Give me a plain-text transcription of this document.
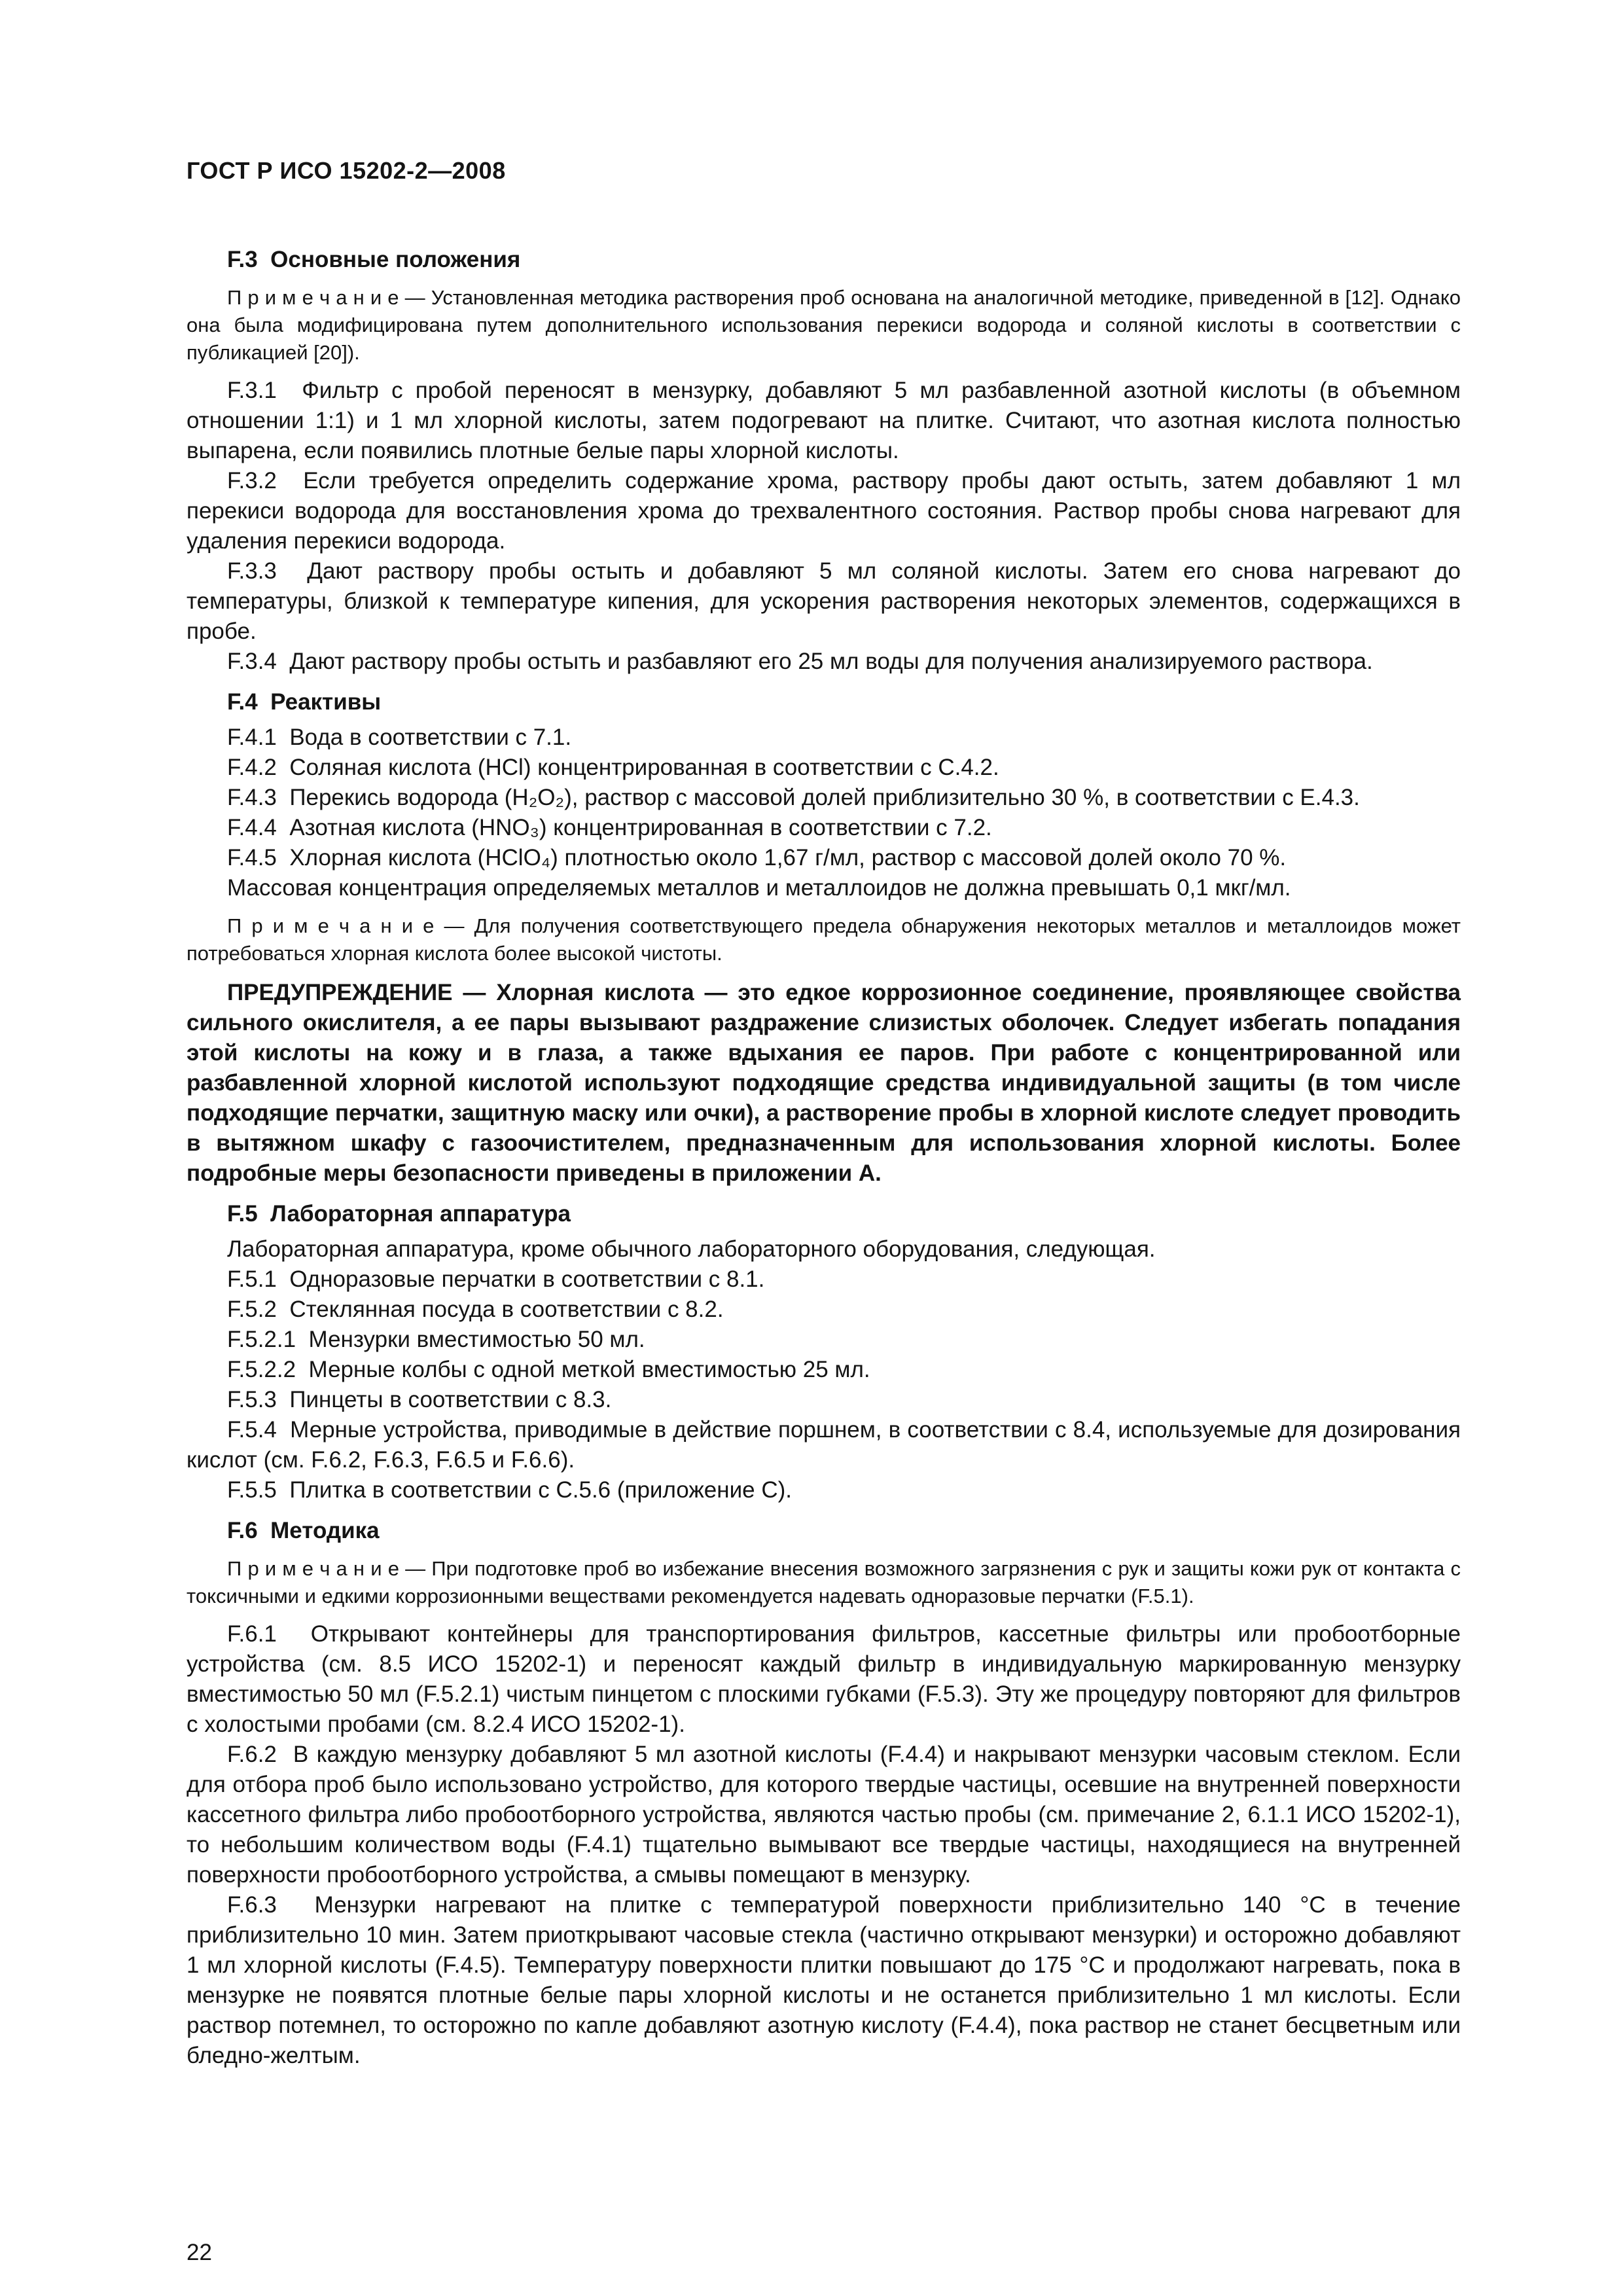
ГОСТ Р ИСО 15202-2—2008
F.3  Основные положения

П р и м е ч а н и е — Установленная методика растворения проб основана на аналогичной методике, приведенной в [12]. Однако она была модифицирована путем дополнительного использования перекиси водорода и соляной кислоты в соответствии с публикацией [20]).

F.3.1  Фильтр с пробой переносят в мензурку, добавляют 5 мл разбавленной азотной кислоты (в объемном отношении 1:1) и 1 мл хлорной кислоты, затем подогревают на плитке. Считают, что азотная кислота полностью выпарена, если появились плотные белые пары хлорной кислоты.

F.3.2  Если требуется определить содержание хрома, раствору пробы дают остыть, затем добавляют 1 мл перекиси водорода для восстановления хрома до трехвалентного состояния. Раствор пробы снова нагревают для удаления перекиси водорода.

F.3.3  Дают раствору пробы остыть и добавляют 5 мл соляной кислоты. Затем его снова нагревают до температуры, близкой к температуре кипения, для ускорения растворения некоторых элементов, содержащихся в пробе.

F.3.4  Дают раствору пробы остыть и разбавляют его 25 мл воды для получения анализируемого раствора.

F.4  Реактивы

F.4.1  Вода в соответствии с 7.1.

F.4.2  Соляная кислота (HCl) концентрированная в соответствии с C.4.2.

F.4.3  Перекись водорода (H₂O₂), раствор с массовой долей приблизительно 30 %, в соответствии с E.4.3.

F.4.4  Азотная кислота (HNO₃) концентрированная в соответствии с 7.2.

F.4.5  Хлорная кислота (HClO₄) плотностью около 1,67 г/мл, раствор с массовой долей около 70 %.

Массовая концентрация определяемых металлов и металлоидов не должна превышать 0,1 мкг/мл.

П р и м е ч а н и е — Для получения соответствующего предела обнаружения некоторых металлов и металлоидов может потребоваться хлорная кислота более высокой чистоты.

ПРЕДУПРЕЖДЕНИЕ — Хлорная кислота — это едкое коррозионное соединение, проявляющее свойства сильного окислителя, а ее пары вызывают раздражение слизистых оболочек. Следует избегать попадания этой кислоты на кожу и в глаза, а также вдыхания ее паров. При работе с концентрированной или разбавленной хлорной кислотой используют подходящие средства индивидуальной защиты (в том числе подходящие перчатки, защитную маску или очки), а растворение пробы в хлорной кислоте следует проводить в вытяжном шкафу с газоочистителем, предназначенным для использования хлорной кислоты. Более подробные меры безопасности приведены в приложении А.

F.5  Лабораторная аппаратура

Лабораторная аппаратура, кроме обычного лабораторного оборудования, следующая.

F.5.1  Одноразовые перчатки в соответствии с 8.1.

F.5.2  Стеклянная посуда в соответствии с 8.2.

F.5.2.1  Мензурки вместимостью 50 мл.

F.5.2.2  Мерные колбы с одной меткой вместимостью 25 мл.

F.5.3  Пинцеты в соответствии с 8.3.

F.5.4  Мерные устройства, приводимые в действие поршнем, в соответствии с 8.4, используемые для дозирования кислот (см. F.6.2, F.6.3, F.6.5 и F.6.6).

F.5.5  Плитка в соответствии с C.5.6 (приложение C).

F.6  Методика

П р и м е ч а н и е — При подготовке проб во избежание внесения возможного загрязнения с рук и защиты кожи рук от контакта с токсичными и едкими коррозионными веществами рекомендуется надевать одноразовые перчатки (F.5.1).

F.6.1  Открывают контейнеры для транспортирования фильтров, кассетные фильтры или пробоотборные устройства (см. 8.5 ИСО 15202-1) и переносят каждый фильтр в индивидуальную маркированную мензурку вместимостью 50 мл (F.5.2.1) чистым пинцетом с плоскими губками (F.5.3). Эту же процедуру повторяют для фильтров с холостыми пробами (см. 8.2.4 ИСО 15202-1).

F.6.2  В каждую мензурку добавляют 5 мл азотной кислоты (F.4.4) и накрывают мензурки часовым стеклом. Если для отбора проб было использовано устройство, для которого твердые частицы, осевшие на внутренней поверхности кассетного фильтра либо пробоотборного устройства, являются частью пробы (см. примечание 2, 6.1.1 ИСО 15202-1), то небольшим количеством воды (F.4.1) тщательно вымывают все твердые частицы, находящиеся на внутренней поверхности пробоотборного устройства, а смывы помещают в мензурку.

F.6.3  Мензурки нагревают на плитке с температурой поверхности приблизительно 140 °C в течение приблизительно 10 мин. Затем приоткрывают часовые стекла (частично открывают мензурки) и осторожно добавляют 1 мл хлорной кислоты (F.4.5). Температуру поверхности плитки повышают до 175 °C и продолжают нагревать, пока в мензурке не появятся плотные белые пары хлорной кислоты и не останется приблизительно 1 мл кислоты. Если раствор потемнел, то осторожно по капле добавляют азотную кислоту (F.4.4), пока раствор не станет бесцветным или бледно-желтым.

22
